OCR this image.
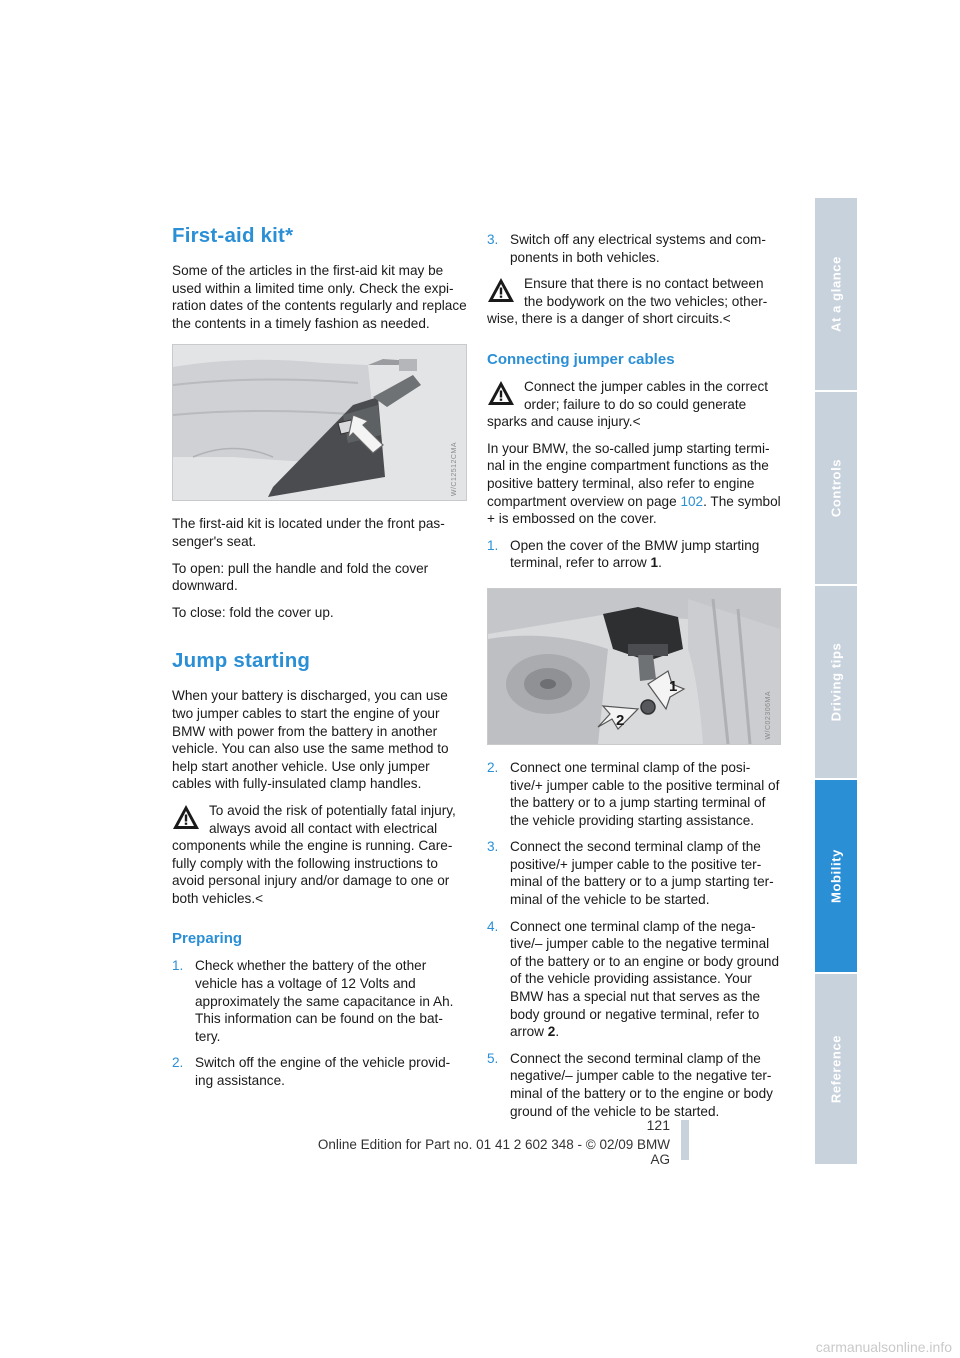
First-aid kit*

Some of the articles in the first-aid kit may be used within a limited time only. Check the expi-ration dates of the contents regularly and replace the contents in a timely fashion as needed.

W/C12512CMA

The first-aid kit is located under the front pas-senger's seat.

To open: pull the handle and fold the cover downward.

To close: fold the cover up.

Jump starting

When your battery is discharged, you can use two jumper cables to start the engine of your BMW with power from the battery in another vehicle. You can also use the same method to help start another vehicle. Use only jumper cables with fully-insulated clamp handles.

To avoid the risk of potentially fatal injury, always avoid all contact with electrical components while the engine is running. Care-fully comply with the following instructions to avoid personal injury and/or damage to one or both vehicles.<

Preparing
1. Check whether the battery of the other vehicle has a voltage of 12 Volts and approximately the same capacitance in Ah. This information can be found on the bat-tery.
2. Switch off the engine of the vehicle provid-ing assistance.
3. Switch off any electrical systems and com-ponents in both vehicles.

Ensure that there is no contact between the bodywork on the two vehicles; other-wise, there is a danger of short circuits.<

Connecting jumper cables

Connect the jumper cables in the correct order; failure to do so could generate sparks and cause injury.<

In your BMW, the so-called jump starting termi-nal in the engine compartment functions as the positive battery terminal, also refer to engine compartment overview on page 102. The symbol + is embossed on the cover.

1. Open the cover of the BMW jump starting terminal, refer to arrow 1.
1
2	W/C02306MA
2. Connect one terminal clamp of the posi-tive/+ jumper cable to the positive terminal of the battery or to a jump starting terminal of the vehicle providing starting assistance.
3. Connect the second terminal clamp of the positive/+ jumper cable to the positive ter-minal of the battery or to a jump starting ter-minal of the vehicle to be started.
4. Connect one terminal clamp of the nega-tive/– jumper cable to the negative terminal of the battery or to an engine or body ground of the vehicle providing assistance. Your BMW has a special nut that serves as the body ground or negative terminal, refer to arrow 2.
5. Connect the second terminal clamp of the negative/– jumper cable to the negative ter-minal of the battery or to the engine or body ground of the vehicle to be started.
At a glance
Controls
Driving tips
Mobility
Reference
121
Online Edition for Part no. 01 41 2 602 348 - © 02/09 BMW AG
carmanualsonline.info
